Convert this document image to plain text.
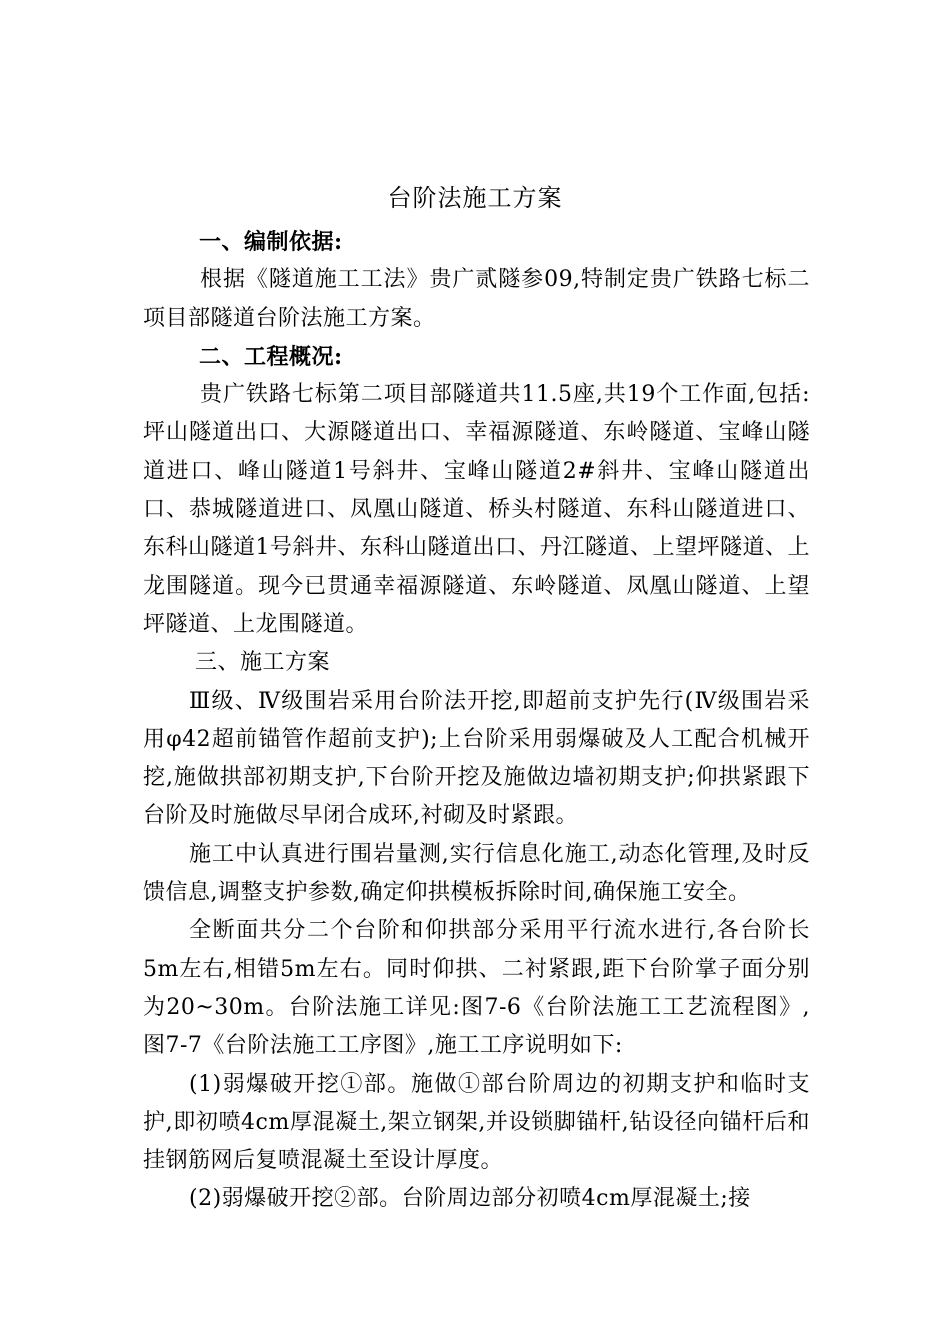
台阶法施工方案

一、编制依据:

根据《隧道施工工法》贵广贰隧参09,特制定贵广铁路七标二项目部隧道台阶法施工方案。

二、工程概况:

贵广铁路七标第二项目部隧道共11.5座,共19个工作面,包括:坪山隧道出口、大源隧道出口、幸福源隧道、东岭隧道、宝峰山隧道进口、峰山隧道1号斜井、宝峰山隧道2#斜井、宝峰山隧道出口、恭城隧道进口、凤凰山隧道、桥头村隧道、东科山隧道进口、东科山隧道1号斜井、东科山隧道出口、丹江隧道、上望坪隧道、上龙围隧道。现今已贯通幸福源隧道、东岭隧道、凤凰山隧道、上望坪隧道、上龙围隧道。

三、施工方案

Ⅲ级、Ⅳ级围岩采用台阶法开挖,即超前支护先行(Ⅳ级围岩采用φ42超前锚管作超前支护);上台阶采用弱爆破及人工配合机械开挖,施做拱部初期支护,下台阶开挖及施做边墙初期支护;仰拱紧跟下台阶及时施做尽早闭合成环,衬砌及时紧跟。

施工中认真进行围岩量测,实行信息化施工,动态化管理,及时反馈信息,调整支护参数,确定仰拱模板拆除时间,确保施工安全。

全断面共分二个台阶和仰拱部分采用平行流水进行,各台阶长5m左右,相错5m左右。同时仰拱、二衬紧跟,距下台阶掌子面分别为20~30m。台阶法施工详见:图7-6《台阶法施工工艺流程图》,图7-7《台阶法施工工序图》,施工工序说明如下:

(1)弱爆破开挖①部。施做①部台阶周边的初期支护和临时支护,即初喷4cm厚混凝土,架立钢架,并设锁脚锚杆,钻设径向锚杆后和挂钢筋网后复喷混凝土至设计厚度。

(2)弱爆破开挖②部。台阶周边部分初喷4cm厚混凝土;接
